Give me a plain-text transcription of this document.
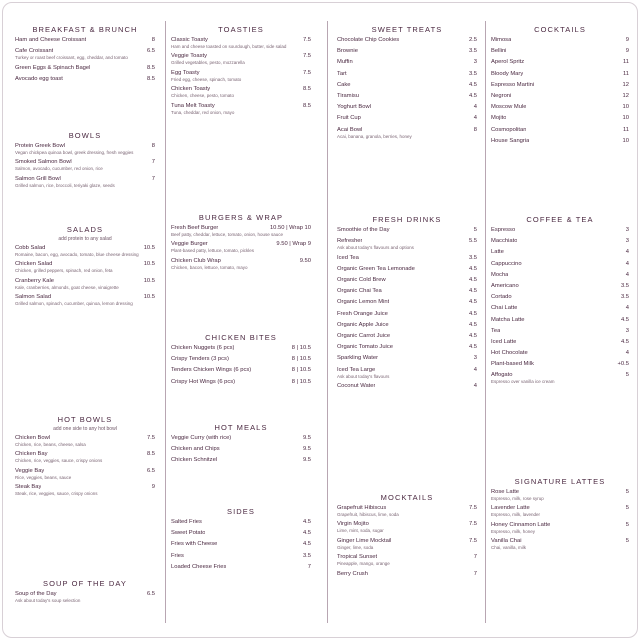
BREAKFAST & BRUNCH
Ham and Cheese Croissant	8
Cafe Croissant	6.5
Turkey or roast beef croissant, egg, cheddar, and tomato
Green Eggs & Spinach Bagel	8.5
Avocado egg toast	8.5
BOWLS
Protein Greek Bowl	8
Vegan chickpea quinoa bowl, greek dressing, fresh veggies
Smoked Salmon Bowl	7
Salmon, avocado, cucumber, red onion, rice
Salmon Grill Bowl	7
Grilled salmon, rice, broccoli, teriyaki glaze, seeds
SALADS
add protein to any salad
Cobb Salad	10.5
Romaine, bacon, egg, avocado, tomato, blue cheese dressing
Chicken Salad	10.5
Chicken, grilled peppers, spinach, red onion, feta
Cranberry Kale	10.5
Kale, cranberries, almonds, goat cheese, vinaigrette
Salmon Salad	10.5
Grilled salmon, spinach, cucumber, quinoa, lemon dressing
HOT BOWLS
add one side to any hot bowl
Chicken Bowl	7.5
Chicken, rice, beans, cheese, salsa
Chicken Bay	8.5
Chicken, rice, veggies, sauce, crispy onions
Veggie Bay	6.5
Rice, veggies, beans, sauce
Steak Bay	9
Steak, rice, veggies, sauce, crispy onions
SOUP OF THE DAY
Soup of the Day	6.5
Ask about today's soup selection
TOASTIES
Classic Toasty	7.5
Ham and cheese toasted on sourdough, butter, side salad
Veggie Toasty	7.5
Grilled vegetables, pesto, mozzarella
Egg Toasty	7.5
Fried egg, cheese, spinach, tomato
Chicken Toasty	8.5
Chicken, cheese, pesto, tomato
Tuna Melt Toasty	8.5
Tuna, cheddar, red onion, mayo
BURGERS & WRAP
Fresh Beef Burger	10.50 | Wrap 10
Beef patty, cheddar, lettuce, tomato, onion, house sauce
Veggie Burger	9.50 | Wrap 9
Plant-based patty, lettuce, tomato, pickles
Chicken Club Wrap	9.50
Chicken, bacon, lettuce, tomato, mayo
CHICKEN BITES
Chicken Nuggets (6 pcs)	8 | 10.5
Crispy Tenders (3 pcs)	8 | 10.5
Tenders Chicken Wings (6 pcs)	8 | 10.5
Crispy Hot Wings (6 pcs)	8 | 10.5
HOT MEALS
Veggie Curry (with rice)	9.5
Chicken and Chips	9.5
Chicken Schnitzel	9.5
SIDES
Salted Fries	4.5
Sweet Potato	4.5
Fries with Cheese	4.5
Fries	3.5
Loaded Cheese Fries	7
SWEET TREATS
Chocolate Chip Cookies	2.5
Brownie	3.5
Muffin	3
Tart	3.5
Cake	4.5
Tiramisu	4.5
Yoghurt Bowl	4
Fruit Cup	4
Acai Bowl	8
Acai, banana, granola, berries, honey
FRESH DRINKS
Smoothie of the Day	5
Refresher	5.5
Ask about today's flavours and options
Iced Tea	3.5
Organic Green Tea Lemonade	4.5
Organic Cold Brew	4.5
Organic Chai Tea	4.5
Organic Lemon Mint	4.5
Fresh Orange Juice	4.5
Organic Apple Juice	4.5
Organic Carrot Juice	4.5
Organic Tomato Juice	4.5
Sparkling Water	3
Iced Tea Large	4
Ask about today's flavours
Coconut Water	4
MOCKTAILS
Grapefruit Hibiscus	7.5
Grapefruit, hibiscus, lime, soda
Virgin Mojito	7.5
Lime, mint, soda, sugar
Ginger Lime Mocktail	7.5
Ginger, lime, soda
Tropical Sunset	7
Pineapple, mango, orange
Berry Crush	7
COCKTAILS
Mimosa	9
Bellini	9
Aperol Spritz	11
Bloody Mary	11
Espresso Martini	12
Negroni	12
Moscow Mule	10
Mojito	10
Cosmopolitan	11
House Sangria	10
COFFEE & TEA
Espresso	3
Macchiato	3
Latte	4
Cappuccino	4
Mocha	4
Americano	3.5
Cortado	3.5
Chai Latte	4
Matcha Latte	4.5
Tea	3
Iced Latte	4.5
Hot Chocolate	4
Plant-based Milk	+0.5
Affogato	5
Espresso over vanilla ice cream
SIGNATURE LATTES
Rose Latte	5
Espresso, milk, rose syrup
Lavender Latte	5
Espresso, milk, lavender
Honey Cinnamon Latte	5
Espresso, milk, honey
Vanilla Chai	5
Chai, vanilla, milk
